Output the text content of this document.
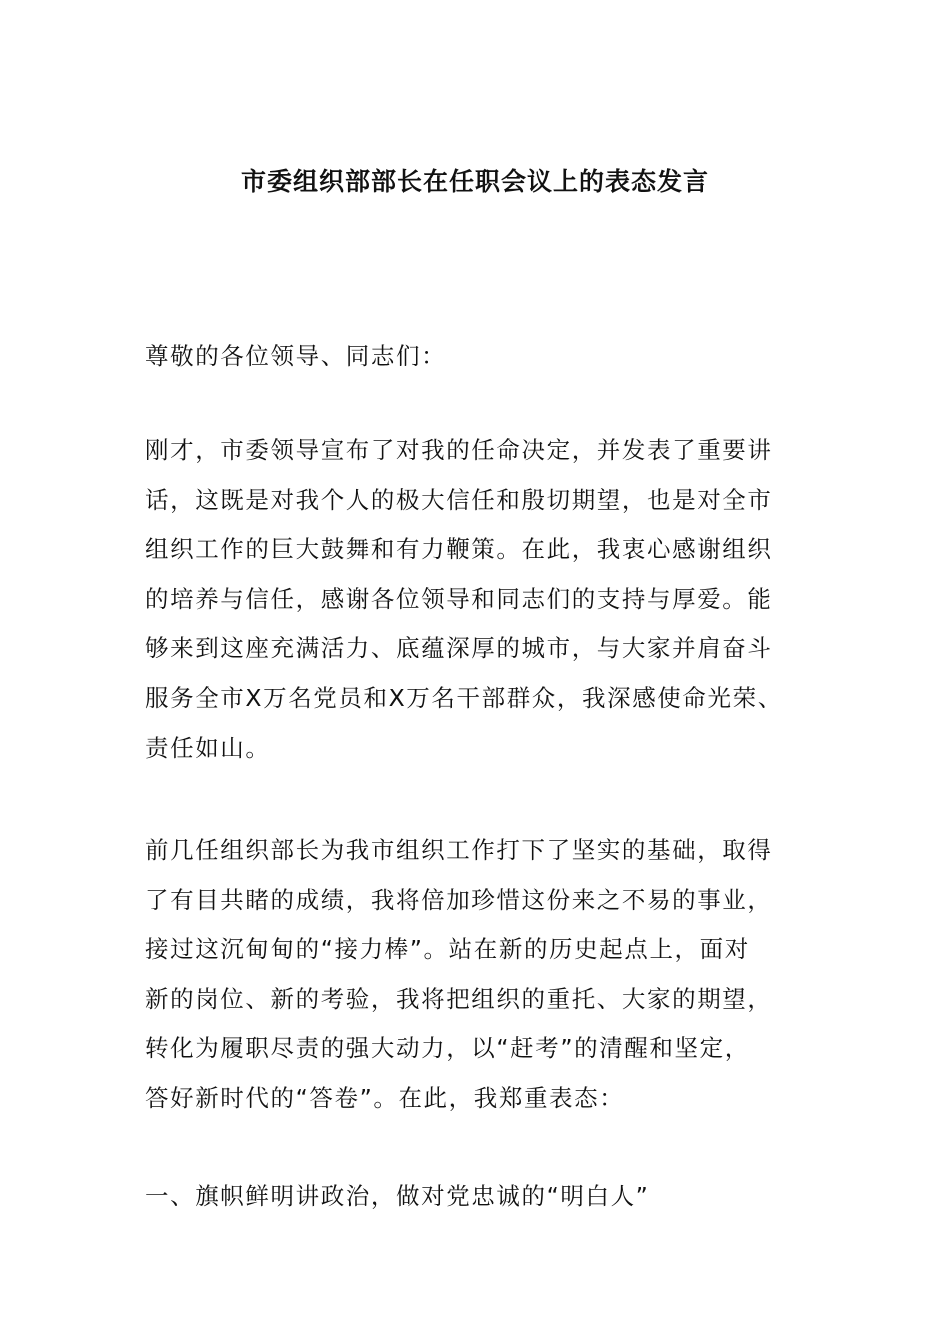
市委组织部部长在任职会议上的表态发言
尊敬的各位领导、同志们：
刚才，市委领导宣布了对我的任命决定，并发表了重要讲
话，这既是对我个人的极大信任和殷切期望，也是对全市
组织工作的巨大鼓舞和有力鞭策。在此，我衷心感谢组织
的培养与信任，感谢各位领导和同志们的支持与厚爱。能
够来到这座充满活力、底蕴深厚的城市，与大家并肩奋斗
服务全市X万名党员和X万名干部群众，我深感使命光荣、
责任如山。
前几任组织部长为我市组织工作打下了坚实的基础，取得
了有目共睹的成绩，我将倍加珍惜这份来之不易的事业，
接过这沉甸甸的“接力棒”。站在新的历史起点上，面对
新的岗位、新的考验，我将把组织的重托、大家的期望，
转化为履职尽责的强大动力，以“赶考”的清醒和坚定，
答好新时代的“答卷”。在此，我郑重表态：
一、旗帜鲜明讲政治，做对党忠诚的“明白人”
